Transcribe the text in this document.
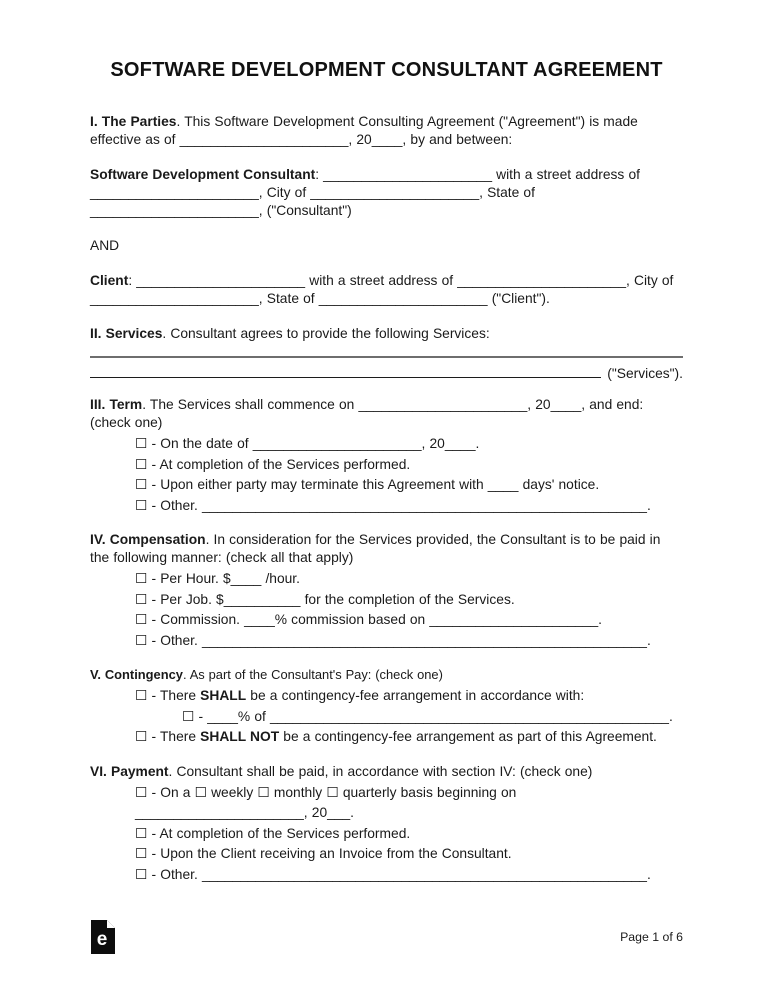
SOFTWARE DEVELOPMENT CONSULTANT AGREEMENT

I. The Parties. This Software Development Consulting Agreement ("Agreement") is made effective as of ______________________, 20____, by and between:

Software Development Consultant: ______________________ with a street address of ______________________, City of ______________________, State of ______________________, ("Consultant")

AND

Client: ______________________ with a street address of ______________________, City of ______________________, State of ______________________ ("Client").

II. Services. Consultant agrees to provide the following Services:

("Services").

III. Term. The Services shall commence on ______________________, 20____, and end: (check one)

☐ - On the date of ______________________, 20____.
☐ - At completion of the Services performed.
☐ - Upon either party may terminate this Agreement with ____ days' notice.
☐ - Other. __________________________________________________________.

IV. Compensation. In consideration for the Services provided, the Consultant is to be paid in the following manner: (check all that apply)

☐ - Per Hour. $____ /hour.
☐ - Per Job. $__________ for the completion of the Services.
☐ - Commission. ____% commission based on ______________________.
☐ - Other. __________________________________________________________.

V. Contingency. As part of the Consultant's Pay: (check one)

☐ - There SHALL be a contingency-fee arrangement in accordance with:
☐ - ____% of ____________________________________________________.
☐ - There SHALL NOT be a contingency-fee arrangement as part of this Agreement.

VI. Payment. Consultant shall be paid, in accordance with section IV: (check one)

☐ - On a ☐ weekly ☐ monthly ☐ quarterly basis beginning on ______________________, 20___.
☐ - At completion of the Services performed.
☐ - Upon the Client receiving an Invoice from the Consultant.
☐ - Other. __________________________________________________________.
e	Page 1 of 6
